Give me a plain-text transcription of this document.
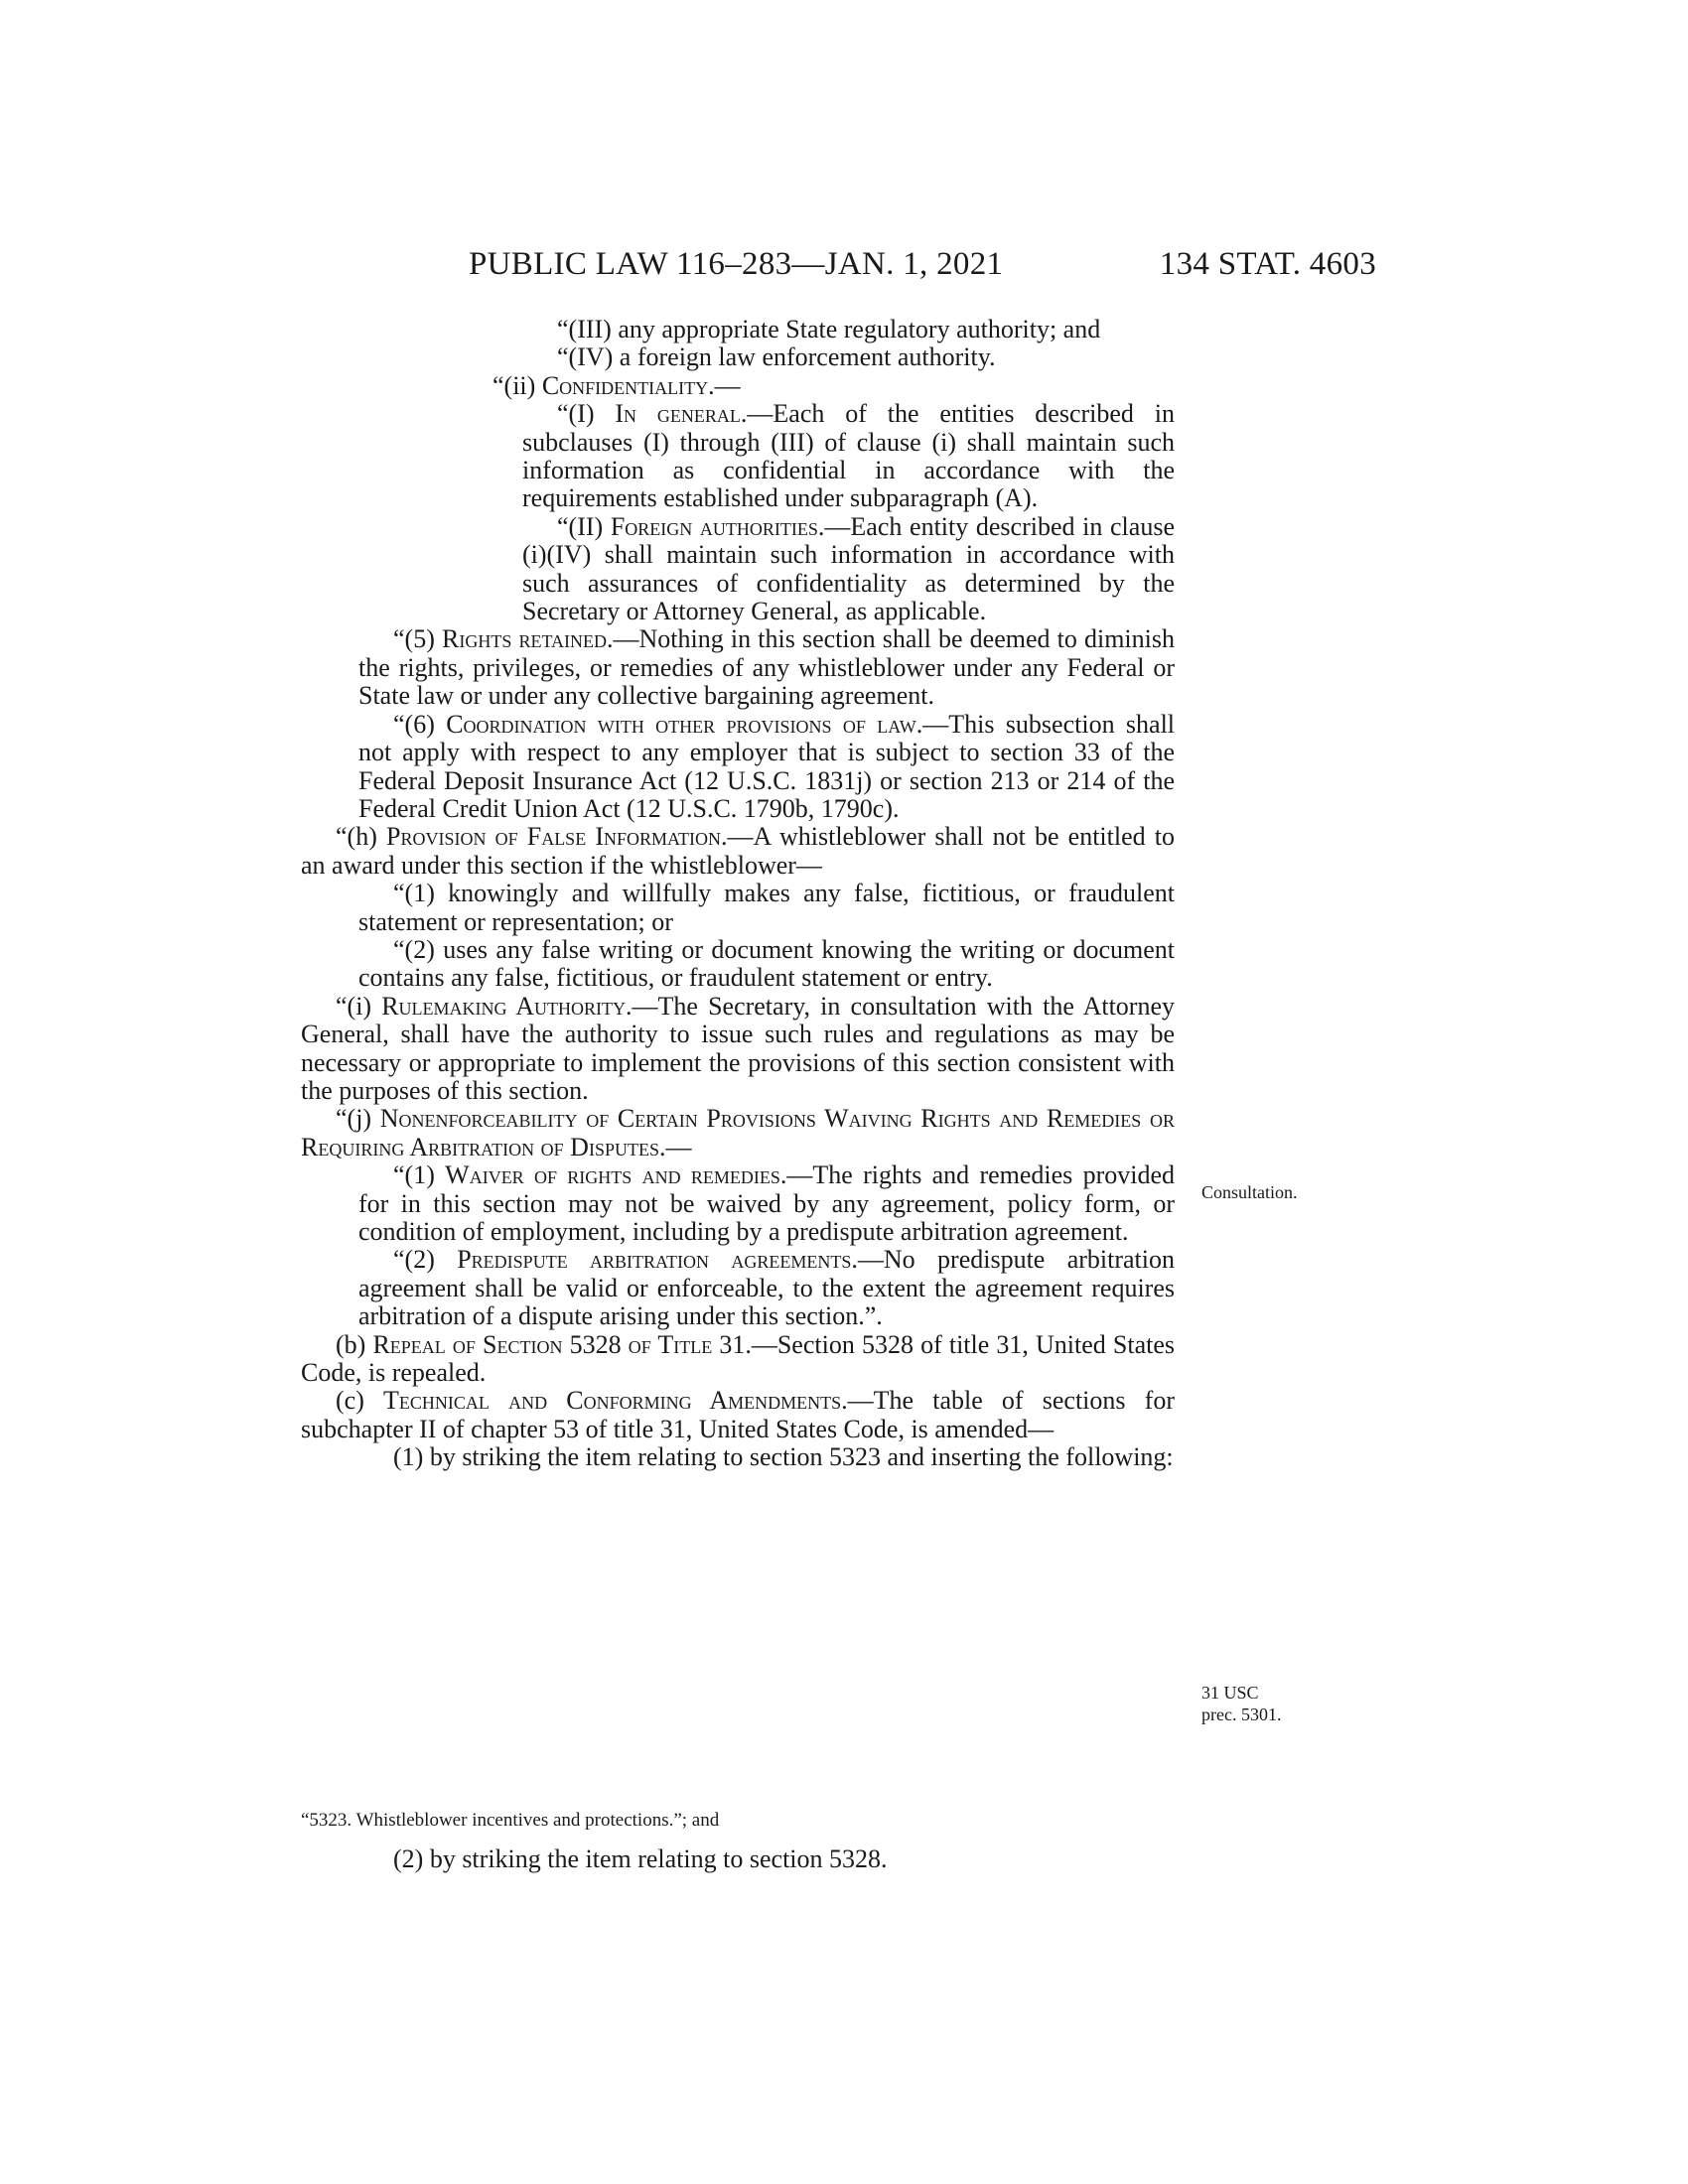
PUBLIC LAW 116–283—JAN. 1, 2021	134 STAT. 4603

“(III) any appropriate State regulatory authority; and

“(IV) a foreign law enforcement authority.

“(ii) Confidentiality.—

“(I) In general.—Each of the entities described in subclauses (I) through (III) of clause (i) shall maintain such information as confidential in accordance with the requirements established under subparagraph (A).

“(II) Foreign authorities.—Each entity described in clause (i)(IV) shall maintain such information in accordance with such assurances of confidentiality as determined by the Secretary or Attorney General, as applicable.

“(5) Rights retained.—Nothing in this section shall be deemed to diminish the rights, privileges, or remedies of any whistleblower under any Federal or State law or under any collective bargaining agreement.

“(6) Coordination with other provisions of law.—This subsection shall not apply with respect to any employer that is subject to section 33 of the Federal Deposit Insurance Act (12 U.S.C. 1831j) or section 213 or 214 of the Federal Credit Union Act (12 U.S.C. 1790b, 1790c).

“(h) Provision of False Information.—A whistleblower shall not be entitled to an award under this section if the whistleblower—

“(1) knowingly and willfully makes any false, fictitious, or fraudulent statement or representation; or

“(2) uses any false writing or document knowing the writing or document contains any false, fictitious, or fraudulent statement or entry.

“(i) Rulemaking Authority.—The Secretary, in consultation with the Attorney General, shall have the authority to issue such rules and regulations as may be necessary or appropriate to implement the provisions of this section consistent with the purposes of this section.

“(j) Nonenforceability of Certain Provisions Waiving Rights and Remedies or Requiring Arbitration of Disputes.—

“(1) Waiver of rights and remedies.—The rights and remedies provided for in this section may not be waived by any agreement, policy form, or condition of employment, including by a predispute arbitration agreement.

“(2) Predispute arbitration agreements.—No predispute arbitration agreement shall be valid or enforceable, to the extent the agreement requires arbitration of a dispute arising under this section.”.

(b) Repeal of Section 5328 of Title 31.—Section 5328 of title 31, United States Code, is repealed.

(c) Technical and Conforming Amendments.—The table of sections for subchapter II of chapter 53 of title 31, United States Code, is amended—

(1) by striking the item relating to section 5323 and inserting the following:

“5323. Whistleblower incentives and protections.”; and
(2) by striking the item relating to section 5328.
Consultation.
31 USC
prec. 5301.
